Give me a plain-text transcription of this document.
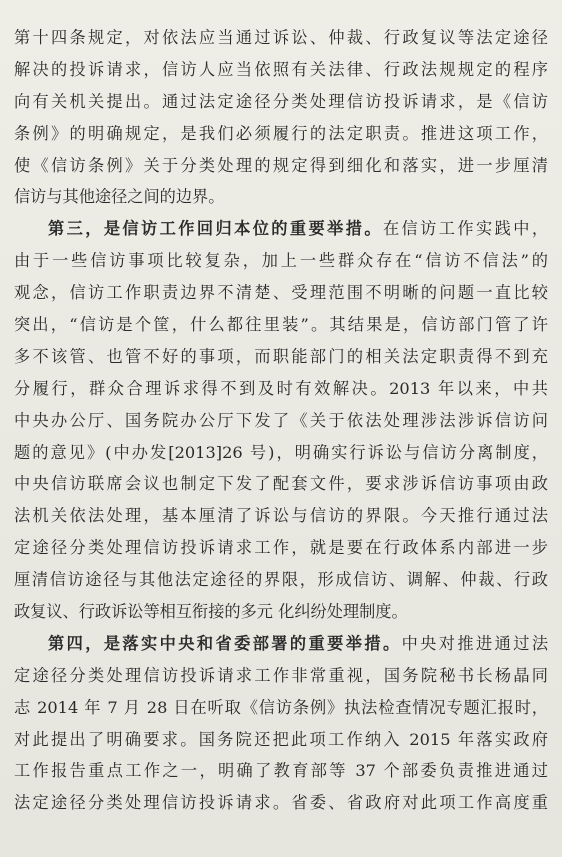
第十四条规定，对依法应当通过诉讼、仲裁、行政复议等法定途径
解决的投诉请求，信访人应当依照有关法律、行政法规规定的程序
向有关机关提出。通过法定途径分类处理信访投诉请求，是《信访
条例》的明确规定，是我们必须履行的法定职责。推进这项工作，
使《信访条例》关于分类处理的规定得到细化和落实，进一步厘清
信访与其他途径之间的边界。
第三，是信访工作回归本位的重要举措。在信访工作实践中，
由于一些信访事项比较复杂，加上一些群众存在“信访不信法”的
观念，信访工作职责边界不清楚、受理范围不明晰的问题一直比较
突出，“信访是个筐，什么都往里装”。其结果是，信访部门管了许
多不该管、也管不好的事项，而职能部门的相关法定职责得不到充
分履行，群众合理诉求得不到及时有效解决。2013 年以来，中共
中央办公厅、国务院办公厅下发了《关于依法处理涉法涉诉信访问
题的意见》(中办发[2013]26 号)，明确实行诉讼与信访分离制度，
中央信访联席会议也制定下发了配套文件，要求涉诉信访事项由政
法机关依法处理，基本厘清了诉讼与信访的界限。今天推行通过法
定途径分类处理信访投诉请求工作，就是要在行政体系内部进一步
厘清信访途径与其他法定途径的界限，形成信访、调解、仲裁、行政
政复议、行政诉讼等相互衔接的多元 化纠纷处理制度。
第四，是落实中央和省委部署的重要举措。中央对推进通过法
定途径分类处理信访投诉请求工作非常重视，国务院秘书长杨晶同
志 2014 年 7 月 28 日在听取《信访条例》执法检查情况专题汇报时，
对此提出了明确要求。国务院还把此项工作纳入 2015 年落实政府
工作报告重点工作之一，明确了教育部等 37 个部委负责推进通过
法定途径分类处理信访投诉请求。省委、省政府对此项工作高度重
